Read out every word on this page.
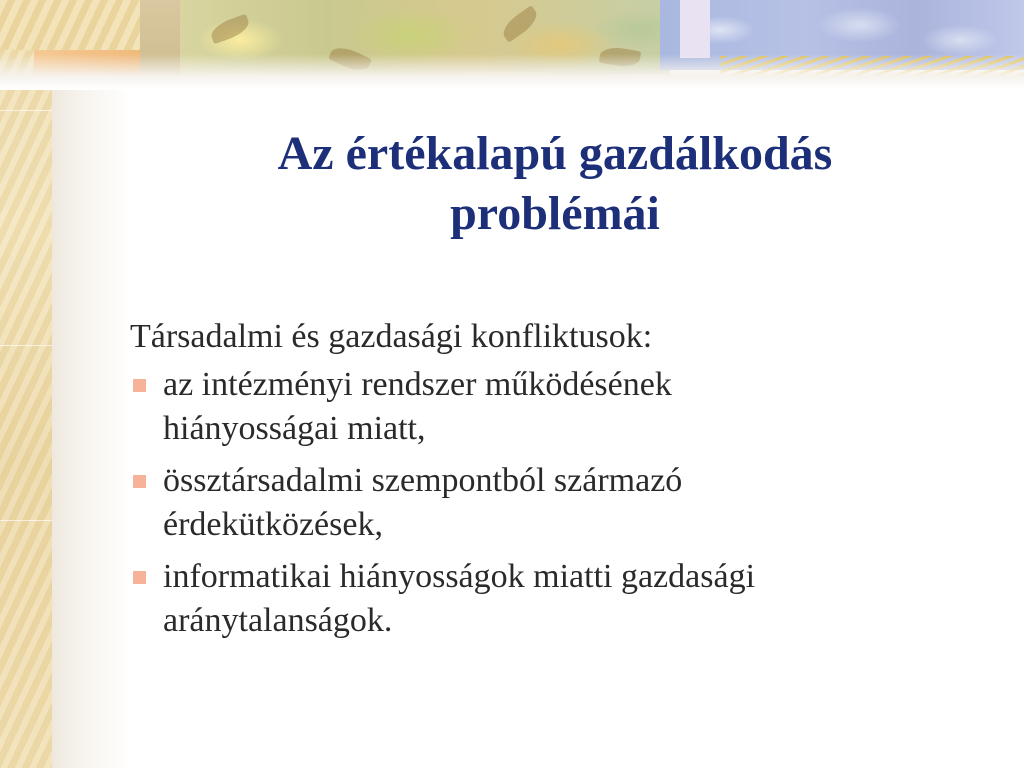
Az értékalapú gazdálkodás
problémái

Társadalmi és gazdasági konfliktusok:

az intézményi rendszer működésének
hiányosságai miatt,
össztársadalmi szempontból származó
érdekütközések,
informatikai hiányosságok miatti gazdasági
aránytalanságok.
